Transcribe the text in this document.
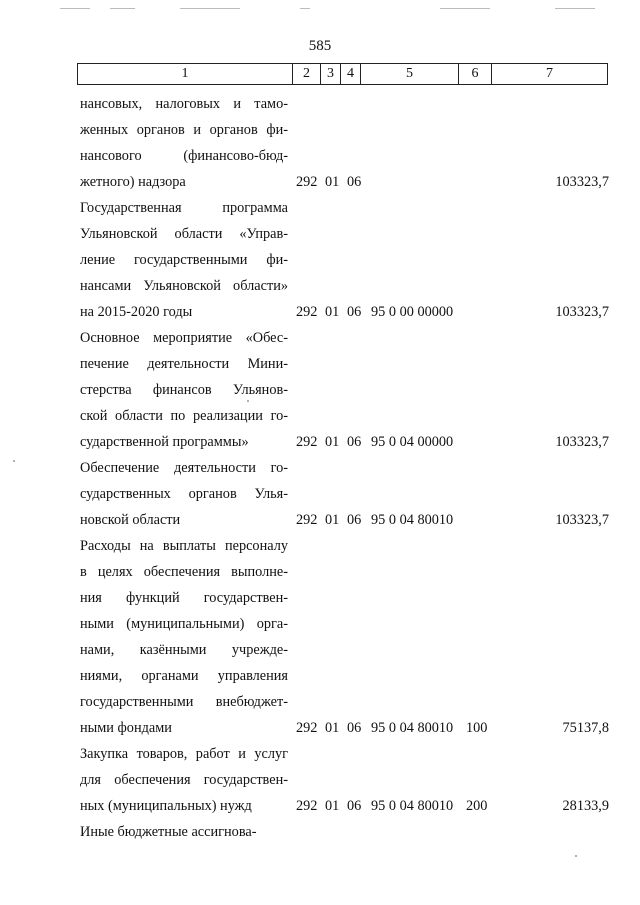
585
1	2	3	4	5	6	7
нансовых, налоговых и тамо-
женных органов и органов фи-
нансового (финансово-бюд-
жетного) надзора	292 01 06	103323,7
Государственная программа
Ульяновской области «Управ-
ление государственными фи-
нансами Ульяновской области»
на 2015-2020 годы	292 01 06 95 0 00 00000	103323,7
Основное мероприятие «Обес-
печение деятельности Мини-
стерства финансов Ульянов-
ской области по реализации го-
сударственной программы»	292 01 06 95 0 04 00000	103323,7
Обеспечение деятельности го-
сударственных органов Улья-
новской области	292 01 06 95 0 04 80010	103323,7
Расходы на выплаты персоналу
в целях обеспечения выполне-
ния функций государствен-
ными (муниципальными) орга-
нами, казёнными учрежде-
ниями, органами управления
государственными внебюджет-
ными фондами	292 01 06 95 0 04 80010 100	75137,8
Закупка товаров, работ и услуг
для обеспечения государствен-
ных (муниципальных) нужд	292 01 06 95 0 04 80010 200	28133,9
Иные бюджетные ассигнова-
